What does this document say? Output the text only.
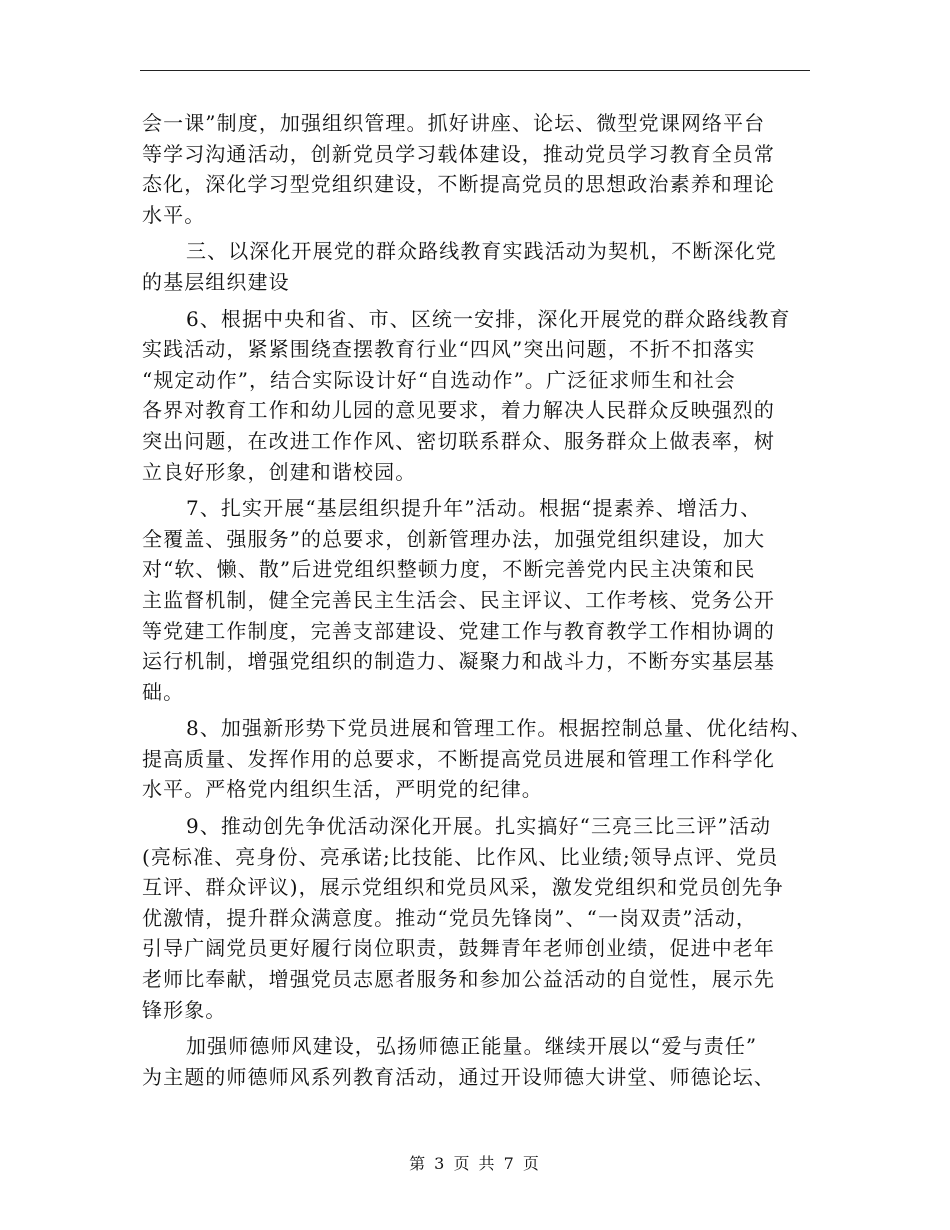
会一课”制度，加强组织管理。抓好讲座、论坛、微型党课网络平台
等学习沟通活动，创新党员学习载体建设，推动党员学习教育全员常
态化，深化学习型党组织建设，不断提高党员的思想政治素养和理论
水平。
三、以深化开展党的群众路线教育实践活动为契机，不断深化党
的基层组织建设
6、根据中央和省、市、区统一安排，深化开展党的群众路线教育
实践活动，紧紧围绕查摆教育行业“四风”突出问题，不折不扣落实
“规定动作”，结合实际设计好“自选动作”。广泛征求师生和社会
各界对教育工作和幼儿园的意见要求，着力解决人民群众反映强烈的
突出问题，在改进工作作风、密切联系群众、服务群众上做表率，树
立良好形象，创建和谐校园。
7、扎实开展“基层组织提升年”活动。根据“提素养、增活力、
全覆盖、强服务”的总要求，创新管理办法，加强党组织建设，加大
对“软、懒、散”后进党组织整顿力度，不断完善党内民主决策和民
主监督机制，健全完善民主生活会、民主评议、工作考核、党务公开
等党建工作制度，完善支部建设、党建工作与教育教学工作相协调的
运行机制，增强党组织的制造力、凝聚力和战斗力，不断夯实基层基
础。
8、加强新形势下党员进展和管理工作。根据控制总量、优化结构、
提高质量、发挥作用的总要求，不断提高党员进展和管理工作科学化
水平。严格党内组织生活，严明党的纪律。
9、推动创先争优活动深化开展。扎实搞好“三亮三比三评”活动
(亮标准、亮身份、亮承诺;比技能、比作风、比业绩;领导点评、党员
互评、群众评议)，展示党组织和党员风采，激发党组织和党员创先争
优激情，提升群众满意度。推动“党员先锋岗”、“一岗双责”活动，
引导广阔党员更好履行岗位职责，鼓舞青年老师创业绩，促进中老年
老师比奉献，增强党员志愿者服务和参加公益活动的自觉性，展示先
锋形象。
加强师德师风建设，弘扬师德正能量。继续开展以“爱与责任”
为主题的师德师风系列教育活动，通过开设师德大讲堂、师德论坛、
第 3 页 共 7 页
